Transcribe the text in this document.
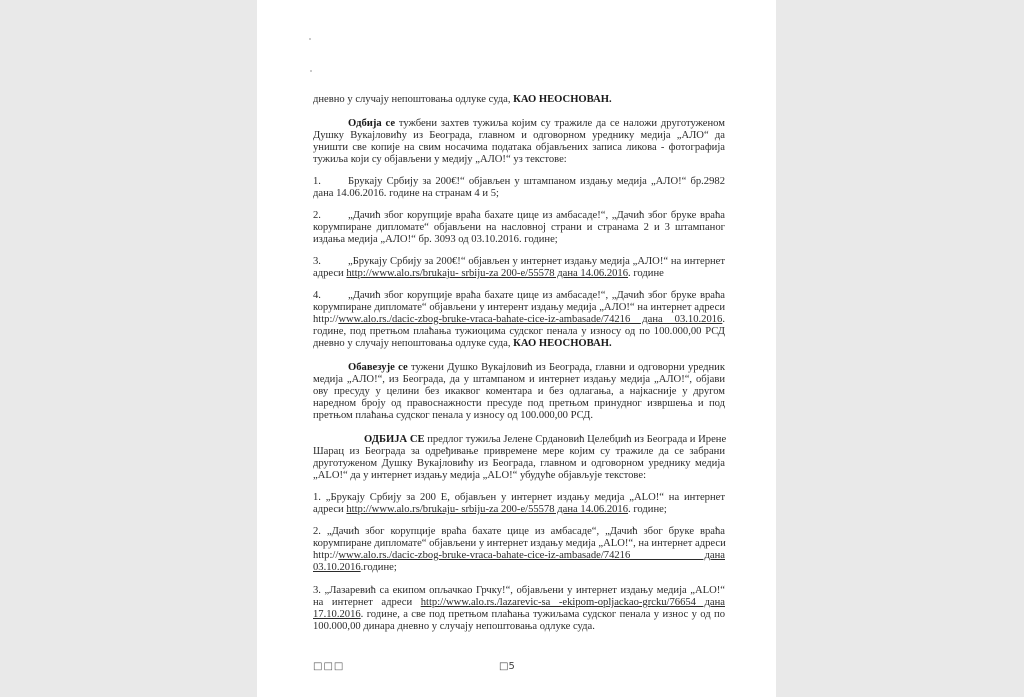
дневно у случају непоштовања одлуке суда, КАО НЕОСНОВАН.
Одбија се тужбени захтев тужиља којим су тражиле да се наложи друготуженом
Душку Вукајловићу из Београда, главном и одговорном уреднику медија „АЛО“ да
уништи све копије на свим носачима података објављених записа ликова - фотографија
тужиља који су објављени у медију „АЛО!“ уз текстове:
1.	Брукају Србију за 200€!“ објављен у штампаном издању медија „АЛО!“ бр.2982
дана 14.06.2016. године на странам 4 и 5;
2.	„Дачић због корупције враћа бахате цице из амбасаде!“, „Дачић због бруке враћа
корумпиране дипломате“ објављени на насловној страни и странама 2 и 3 штампаног
издања медија „АЛО!“ бр. 3093 од 03.10.2016. године;
3.	„Брукају Србију за 200€!“ објављен у интернет издању медија „АЛО!“ на интернет
адреси http://www.alo.rs/brukaju- srbiju-za 200-e/55578 дана 14.06.2016. године
4.	„Дачић због корупције враћа бахате цице из амбасаде!“, „Дачић због бруке враћа
корумпиране дипломате“ објављени у интерент издању медија „АЛО!“ на интернет адреси
http://www.alo.rs./dacic-zbog-bruke-vraca-bahate-cice-iz-ambasade/74216 дана 03.10.2016.
године, под претњом плаћања тужиоцима судског пенала у износу од по 100.000,00 РСД
дневно у случају непоштовања одлуке суда, КАО НЕОСНОВАН.
Обавезује се тужени Душко Вукајловић из Београда, главни и одговорни уредник
медија „АЛО!“, из Београда, да у штампаном и интернет издању медија „АЛО!“, објави
ову пресуду у целини без икаквог коментара и без одлагања, а најкасније у другом
наредном броју од правоснажности пресуде под претњом принудног извршења и под
претњом плаћања судског пенала у износу од 100.000,00 РСД.
ОДБИЈА СЕ предлог тужиља Јелене Срдановић Целебџић из Београда и Ирене
Шарац из Београда за одређивање привремене мере којим су тражиле да се забрани
друготуженом Душку Вукајловићу из Београда, главном и одговорном уреднику медија
„ALO!“ да у интернет издању медија „ALO!“ убудуће објављује текстове:
1. „Брукају Србију за 200 Е, објављен у интернет издању медија „ALO!“ на интернет
адреси http://www.alo.rs/brukaju- srbiju-za 200-e/55578 дана 14.06.2016. године;
2. „Дачић због корупције враћа бахате цице из амбасаде“, „Дачић због бруке враћа
корумпиране дипломате“ објављени у интернет издању медија „ALO!“, на интернет адреси
http://www.alo.rs./dacic-zbog-bruke-vraca-bahate-cice-iz-ambasade/74216 дана
03.10.2016.године;
3. „Лазаревић са екипом опљачкао Грчку!“, објављени у интернет издању медија „ALO!“
на интернет адреси http://www.alo.rs./lazarevic-sa -ekipom-opljackao-grcku/76654 дана
17.10.2016. године, а све под претњом плаћања тужиљама судског пенала у износ у од по
100.000,00 динара дневно у случају непоштовања одлуке суда.
□□□	□5
